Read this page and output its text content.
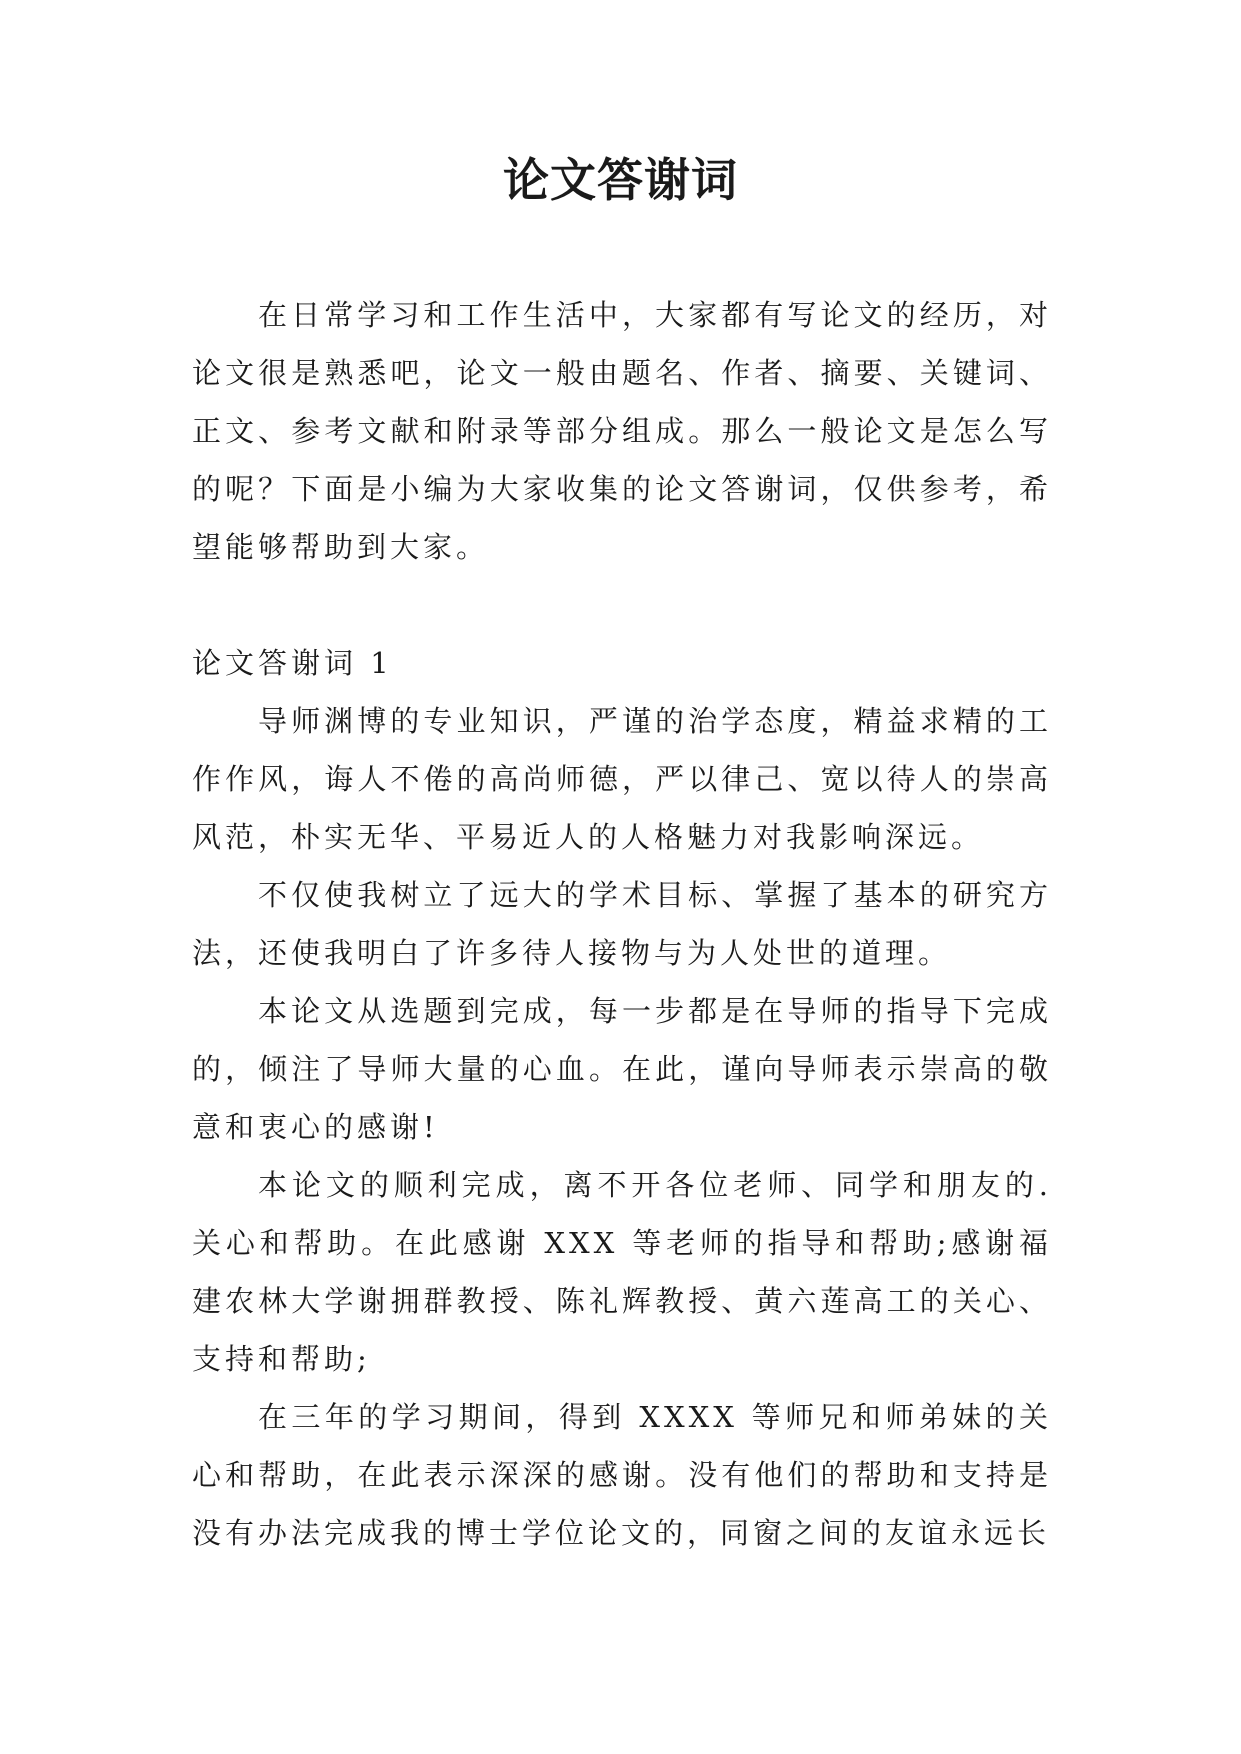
论文答谢词

在日常学习和工作生活中，大家都有写论文的经历，对论文很是熟悉吧，论文一般由题名、作者、摘要、关键词、正文、参考文献和附录等部分组成。那么一般论文是怎么写的呢？下面是小编为大家收集的论文答谢词，仅供参考，希望能够帮助到大家。

论文答谢词 1

导师渊博的专业知识，严谨的治学态度，精益求精的工作作风，诲人不倦的高尚师德，严以律己、宽以待人的崇高风范，朴实无华、平易近人的人格魅力对我影响深远。

不仅使我树立了远大的学术目标、掌握了基本的研究方法，还使我明白了许多待人接物与为人处世的道理。

本论文从选题到完成，每一步都是在导师的指导下完成的，倾注了导师大量的心血。在此，谨向导师表示崇高的敬意和衷心的感谢!

本论文的顺利完成，离不开各位老师、同学和朋友的.关心和帮助。在此感谢 XXX 等老师的指导和帮助;感谢福建农林大学谢拥群教授、陈礼辉教授、黄六莲高工的关心、支持和帮助;

在三年的学习期间，得到 XXXX 等师兄和师弟妹的关心和帮助，在此表示深深的感谢。没有他们的帮助和支持是没有办法完成我的博士学位论文的，同窗之间的友谊永远长
